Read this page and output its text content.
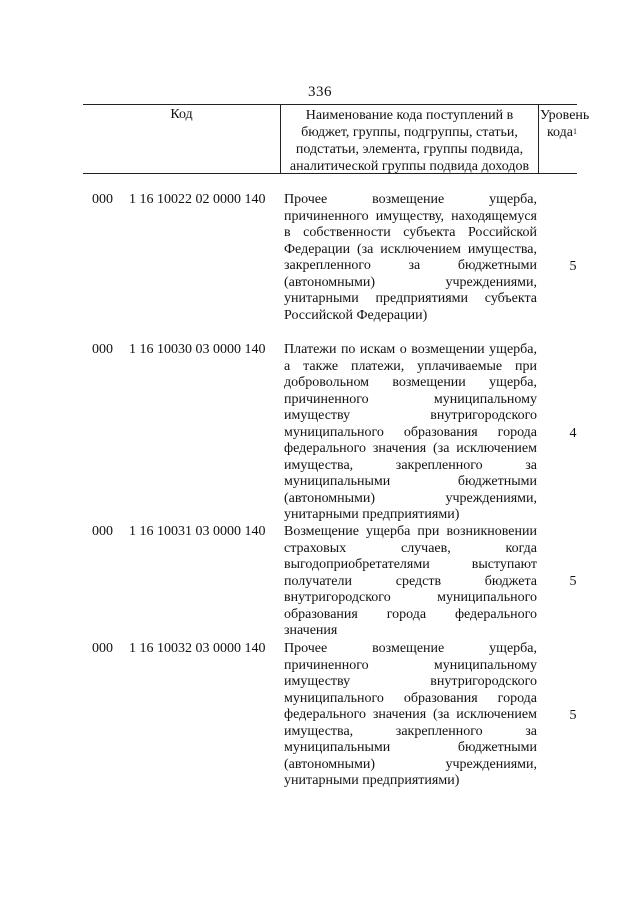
336
Код	Наименование кода поступлений в бюджет, группы, подгруппы, статьи, подстатьи, элемента, группы подвида, аналитической группы подвида доходов
Уровень кода$^1$
000 1 16 10022 02 0000 140 Прочее возмещение ущерба, причиненного имуществу, находящемуся в собственности субъекта Российской Федерации (за исключением имущества, закрепленного за бюджетными (автономными) учреждениями, унитарными предприятиями субъекта Российской Федерации)
5
000 1 16 10030 03 0000 140 Платежи по искам о возмещении ущерба, а также платежи, уплачиваемые при добровольном возмещении ущерба, причиненного муниципальному имуществу внутригородского муниципального образования города федерального значения (за исключением имущества, закрепленного за муниципальными бюджетными (автономными) учреждениями, унитарными предприятиями)
4
000 1 16 10031 03 0000 140 Возмещение ущерба при возникновении страховых случаев, когда выгодоприобретателями выступают получатели средств бюджета внутригородского муниципального образования города федерального значения
5
000 1 16 10032 03 0000 140 Прочее возмещение ущерба, причиненного муниципальному имуществу внутригородского муниципального образования города федерального значения (за исключением имущества, закрепленного за муниципальными бюджетными (автономными) учреждениями, унитарными предприятиями)
5
